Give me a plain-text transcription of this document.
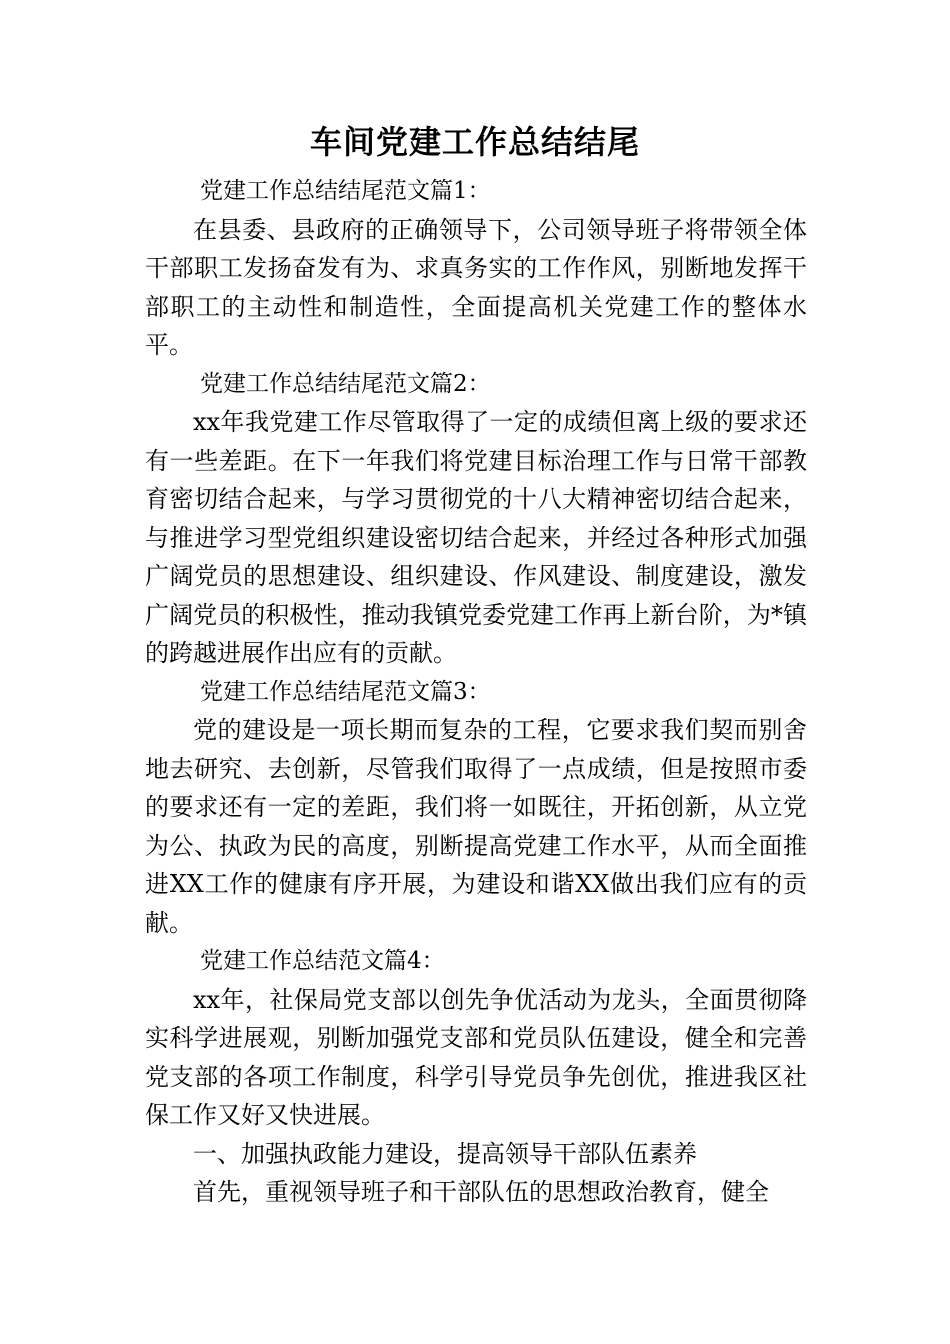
车间党建工作总结结尾

党建工作总结结尾范文篇1：

在县委、县政府的正确领导下，公司领导班子将带领全体干部职工发扬奋发有为、求真务实的工作作风，别断地发挥干部职工的主动性和制造性，全面提高机关党建工作的整体水平。

党建工作总结结尾范文篇2：

xx年我党建工作尽管取得了一定的成绩但离上级的要求还有一些差距。在下一年我们将党建目标治理工作与日常干部教育密切结合起来，与学习贯彻党的十八大精神密切结合起来，与推进学习型党组织建设密切结合起来，并经过各种形式加强广阔党员的思想建设、组织建设、作风建设、制度建设，激发广阔党员的积极性，推动我镇党委党建工作再上新台阶，为*镇的跨越进展作出应有的贡献。

党建工作总结结尾范文篇3：

党的建设是一项长期而复杂的工程，它要求我们契而别舍地去研究、去创新，尽管我们取得了一点成绩，但是按照市委的要求还有一定的差距，我们将一如既往，开拓创新，从立党为公、执政为民的高度，别断提高党建工作水平，从而全面推进XX工作的健康有序开展，为建设和谐XX做出我们应有的贡献。

党建工作总结范文篇4：

xx年，社保局党支部以创先争优活动为龙头，全面贯彻降实科学进展观，别断加强党支部和党员队伍建设，健全和完善党支部的各项工作制度，科学引导党员争先创优，推进我区社保工作又好又快进展。

一、加强执政能力建设，提高领导干部队伍素养

首先，重视领导班子和干部队伍的思想政治教育，健全
